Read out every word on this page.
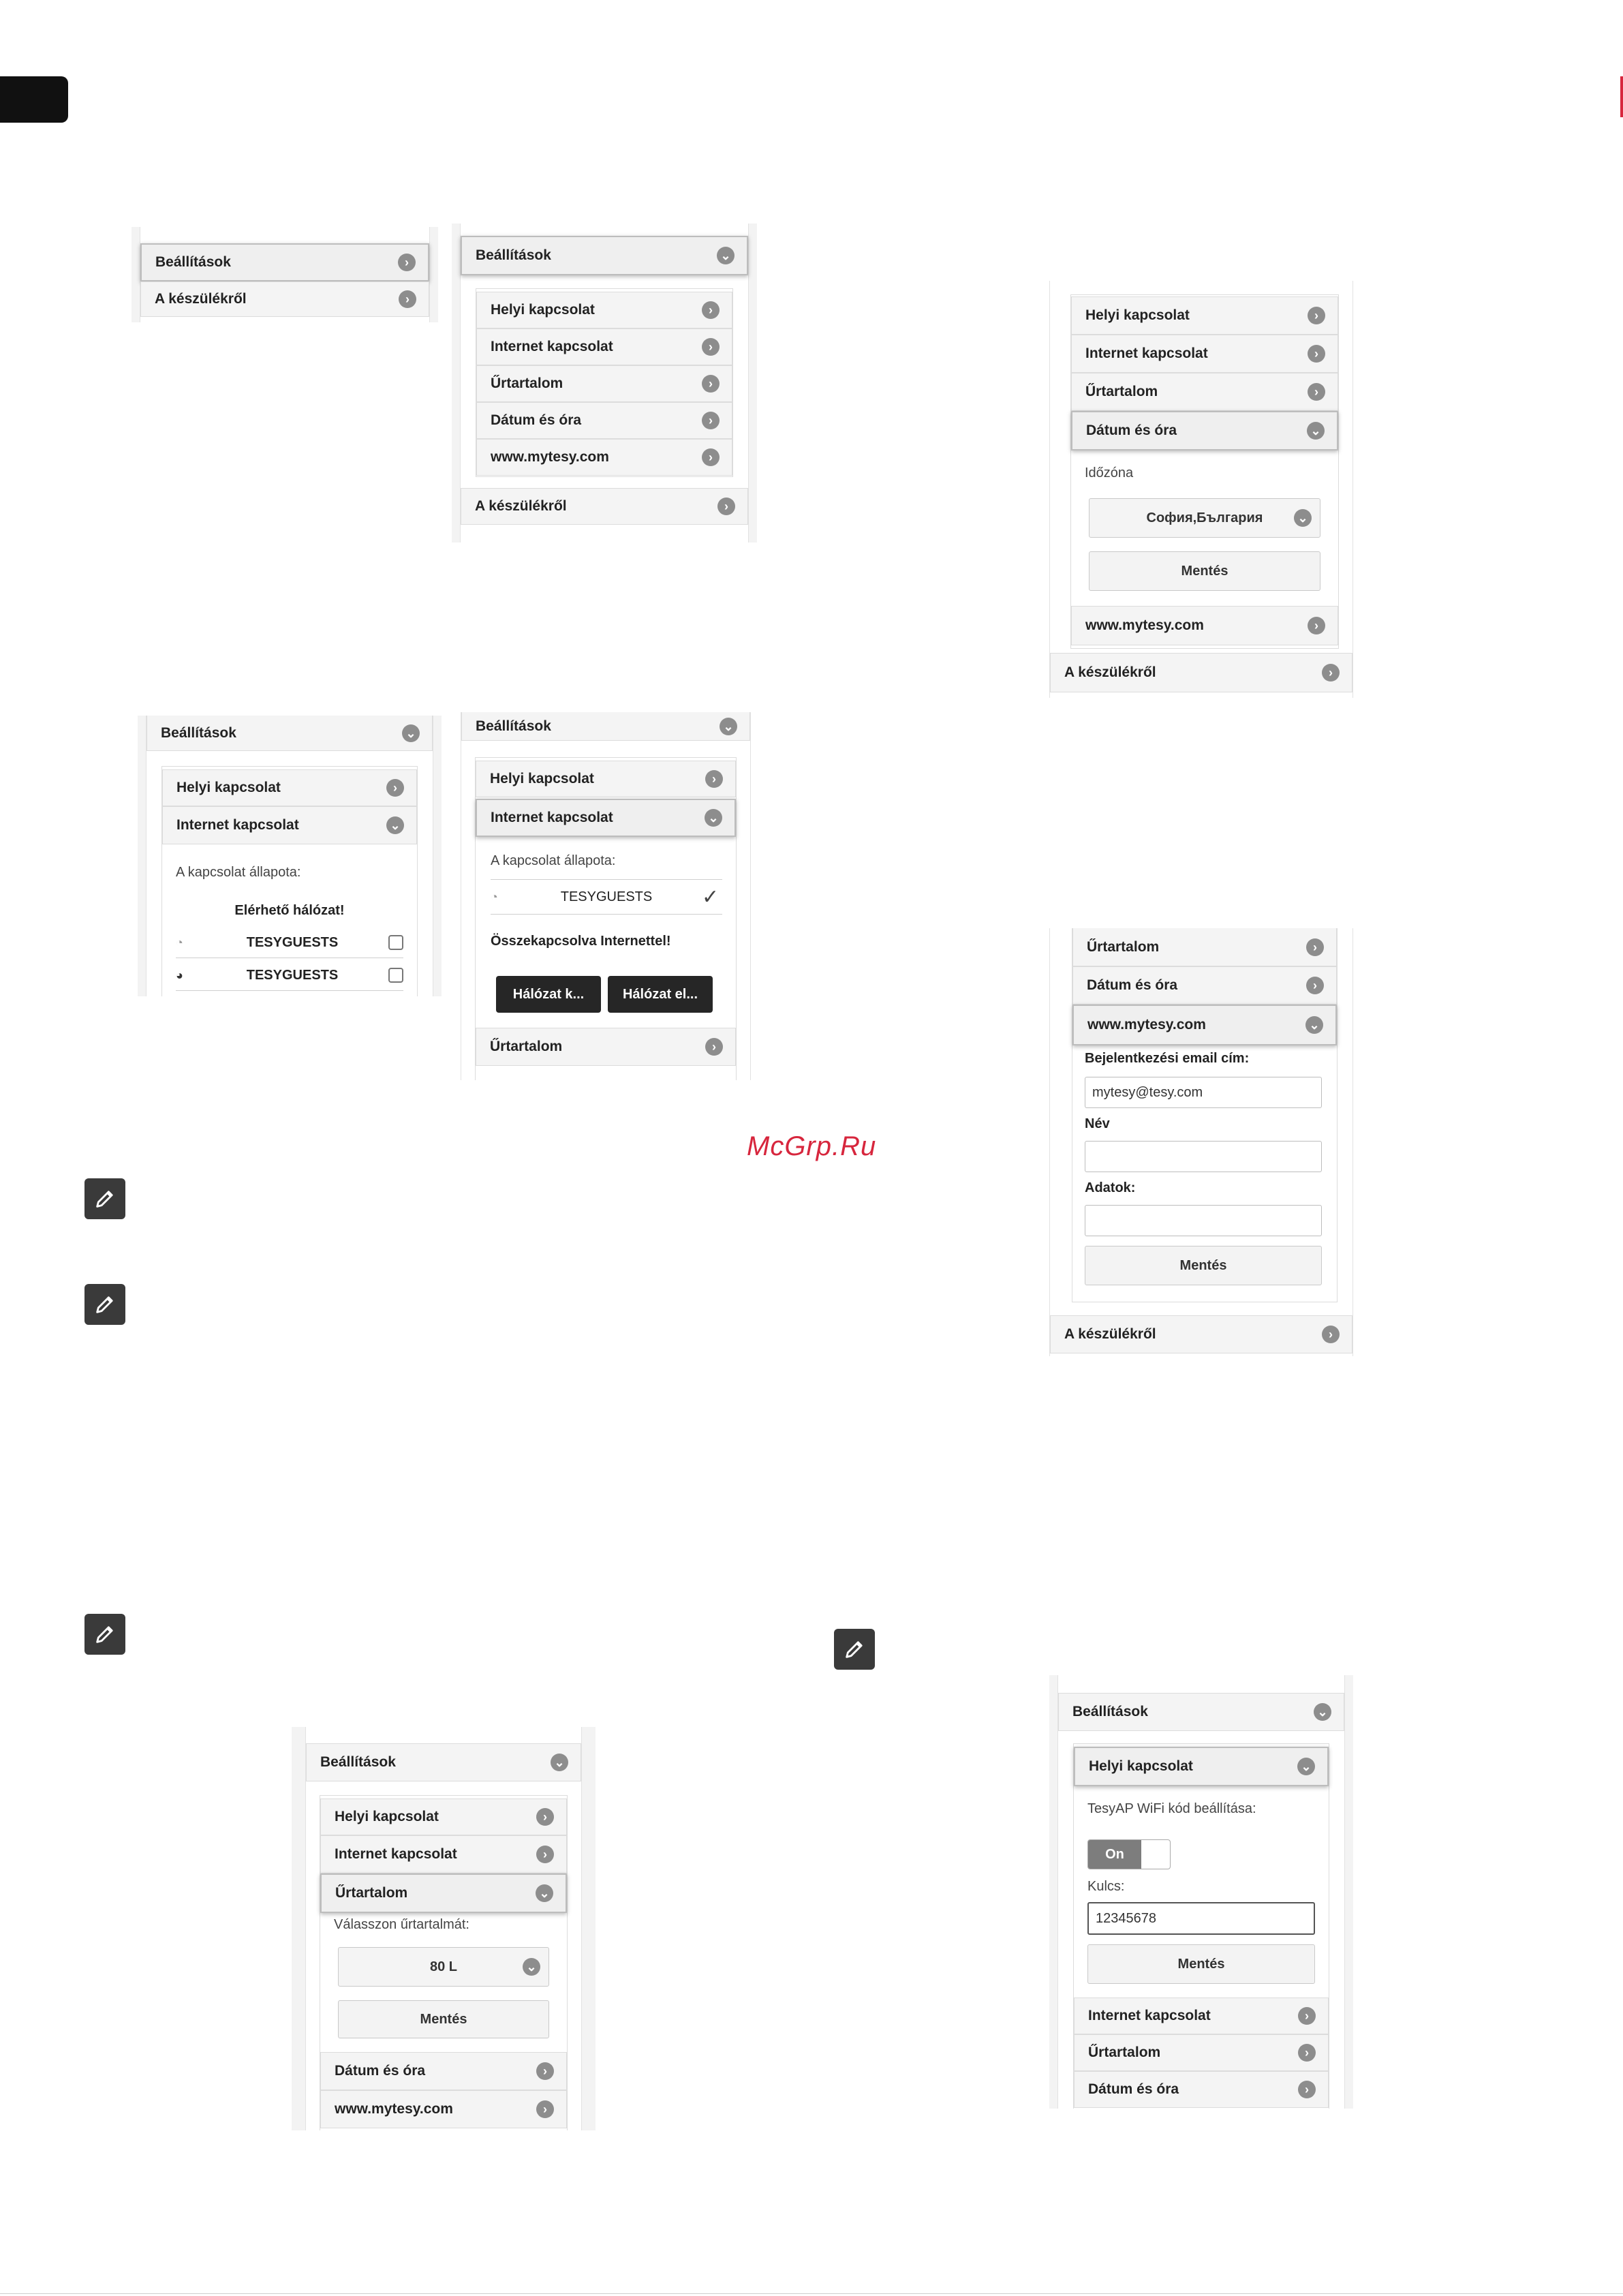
Beállítások	›
A készülékről	›
Beállítások	⌄
Helyi kapcsolat	›
Internet kapcsolat	›
Űrtartalom	›
Dátum és óra	›
www.mytesy.com	›
A készülékről	›
Beállítások	⌄
Helyi kapcsolat	›
Internet kapcsolat	⌄
A kapcsolat állapota:
Elérhető hálózat!
◔	TESYGUESTS
◕	TESYGUESTS
Beállítások	⌄
Helyi kapcsolat	›
Internet kapcsolat	⌄
A kapcsolat állapota:
◔	TESYGUESTS	✓
Összekapcsolva Internettel!
Hálózat k...	Hálózat el...
Űrtartalom	›
Helyi kapcsolat	›
Internet kapcsolat	›
Űrtartalom	›
Dátum és óra	⌄
Időzóna
София,България	⌄
Mentés
www.mytesy.com	›
A készülékről	›
Űrtartalom	›
Dátum és óra	›
www.mytesy.com	⌄
Bejelentkezési email cím:
mytesy@tesy.com
Név
Adatok:
Mentés
A készülékről	›
McGrp.Ru
Beállítások	⌄
Helyi kapcsolat	›
Internet kapcsolat	›
Űrtartalom	⌄
Válasszon űrtartalmát:
80 L	⌄
Mentés
Dátum és óra	›
www.mytesy.com	›
Beállítások	⌄
Helyi kapcsolat	⌄
TesyAP WiFi kód beállítása:
On
Kulcs:
12345678
Mentés
Internet kapcsolat	›
Űrtartalom	›
Dátum és óra	›
